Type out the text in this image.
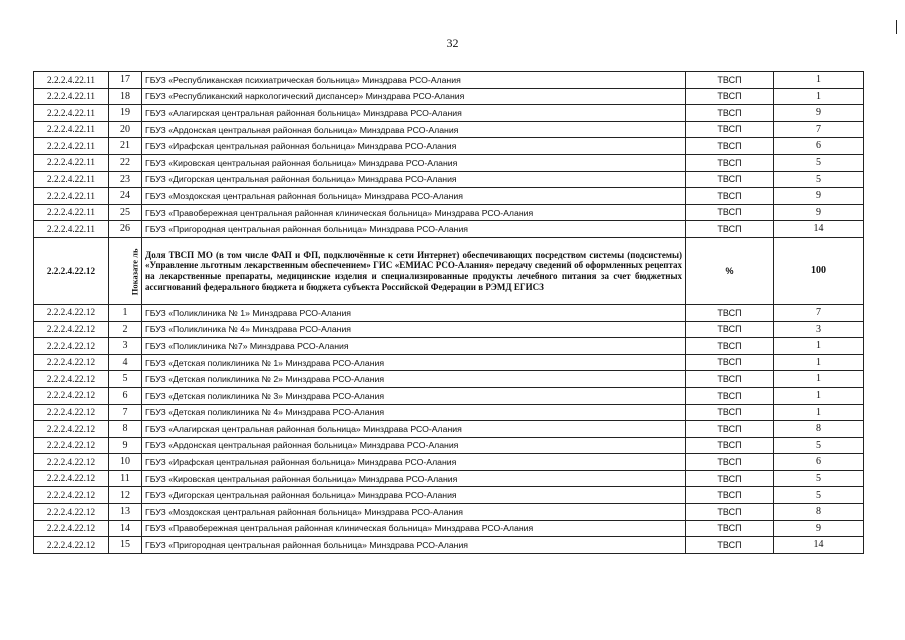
32
2.2.2.4.22.11	17	ГБУЗ «Республиканская психиатрическая больница» Минздрава РСО-Алания	ТВСП	1
2.2.2.4.22.11	18	ГБУЗ «Республиканский наркологический диспансер» Минздрава РСО-Алания	ТВСП	1
2.2.2.4.22.11	19	ГБУЗ «Алагирская центральная районная больница» Минздрава РСО-Алания	ТВСП	9
2.2.2.4.22.11	20	ГБУЗ «Ардонская центральная районная больница» Минздрава РСО-Алания	ТВСП	7
2.2.2.4.22.11	21	ГБУЗ «Ирафская центральная районная больница» Минздрава РСО-Алания	ТВСП	6
2.2.2.4.22.11	22	ГБУЗ «Кировская центральная районная больница» Минздрава РСО-Алания	ТВСП	5
2.2.2.4.22.11	23	ГБУЗ «Дигорская центральная районная больница» Минздрава РСО-Алания	ТВСП	5
2.2.2.4.22.11	24	ГБУЗ «Моздокская центральная районная больница» Минздрава РСО-Алания	ТВСП	9
2.2.2.4.22.11	25	ГБУЗ «Правобережная центральная районная клиническая больница» Минздрава РСО-Алания	ТВСП	9
2.2.2.4.22.11	26	ГБУЗ «Пригородная центральная районная больница» Минздрава РСО-Алания	ТВСП	14
2.2.2.4.22.12	Показате ль	Доля ТВСП МО (в том числе ФАП и ФП, подключённые к сети Интернет) обеспечивающих посредством системы (подсистемы) «Управление льготным лекарственным обеспечением» ГИС «ЕМИАС РСО-Алания» передачу сведений об оформленных рецептах на лекарственные препараты, медицинские изделия и специализированные продукты лечебного питания за счет бюджетных ассигнований федерального бюджета и бюджета субъекта Российской Федерации в РЭМД ЕГИСЗ	%	100
2.2.2.4.22.12	1	ГБУЗ «Поликлиника № 1» Минздрава РСО-Алания	ТВСП	7
2.2.2.4.22.12	2	ГБУЗ «Поликлиника № 4» Минздрава РСО-Алания	ТВСП	3
2.2.2.4.22.12	3	ГБУЗ «Поликлиника №7» Минздрава РСО-Алания	ТВСП	1
2.2.2.4.22.12	4	ГБУЗ «Детская поликлиника № 1» Минздрава РСО-Алания	ТВСП	1
2.2.2.4.22.12	5	ГБУЗ «Детская поликлиника № 2» Минздрава РСО-Алания	ТВСП	1
2.2.2.4.22.12	6	ГБУЗ «Детская поликлиника № 3» Минздрава РСО-Алания	ТВСП	1
2.2.2.4.22.12	7	ГБУЗ «Детская поликлиника № 4» Минздрава РСО-Алания	ТВСП	1
2.2.2.4.22.12	8	ГБУЗ «Алагирская центральная районная больница» Минздрава РСО-Алания	ТВСП	8
2.2.2.4.22.12	9	ГБУЗ «Ардонская центральная районная больница» Минздрава РСО-Алания	ТВСП	5
2.2.2.4.22.12	10	ГБУЗ «Ирафская центральная районная больница» Минздрава РСО-Алания	ТВСП	6
2.2.2.4.22.12	11	ГБУЗ «Кировская центральная районная больница» Минздрава РСО-Алания	ТВСП	5
2.2.2.4.22.12	12	ГБУЗ «Дигорская центральная районная больница» Минздрава РСО-Алания	ТВСП	5
2.2.2.4.22.12	13	ГБУЗ «Моздокская центральная районная больница» Минздрава РСО-Алания	ТВСП	8
2.2.2.4.22.12	14	ГБУЗ «Правобережная центральная районная клиническая больница» Минздрава РСО-Алания	ТВСП	9
2.2.2.4.22.12	15	ГБУЗ «Пригородная центральная районная больница» Минздрава РСО-Алания	ТВСП	14
